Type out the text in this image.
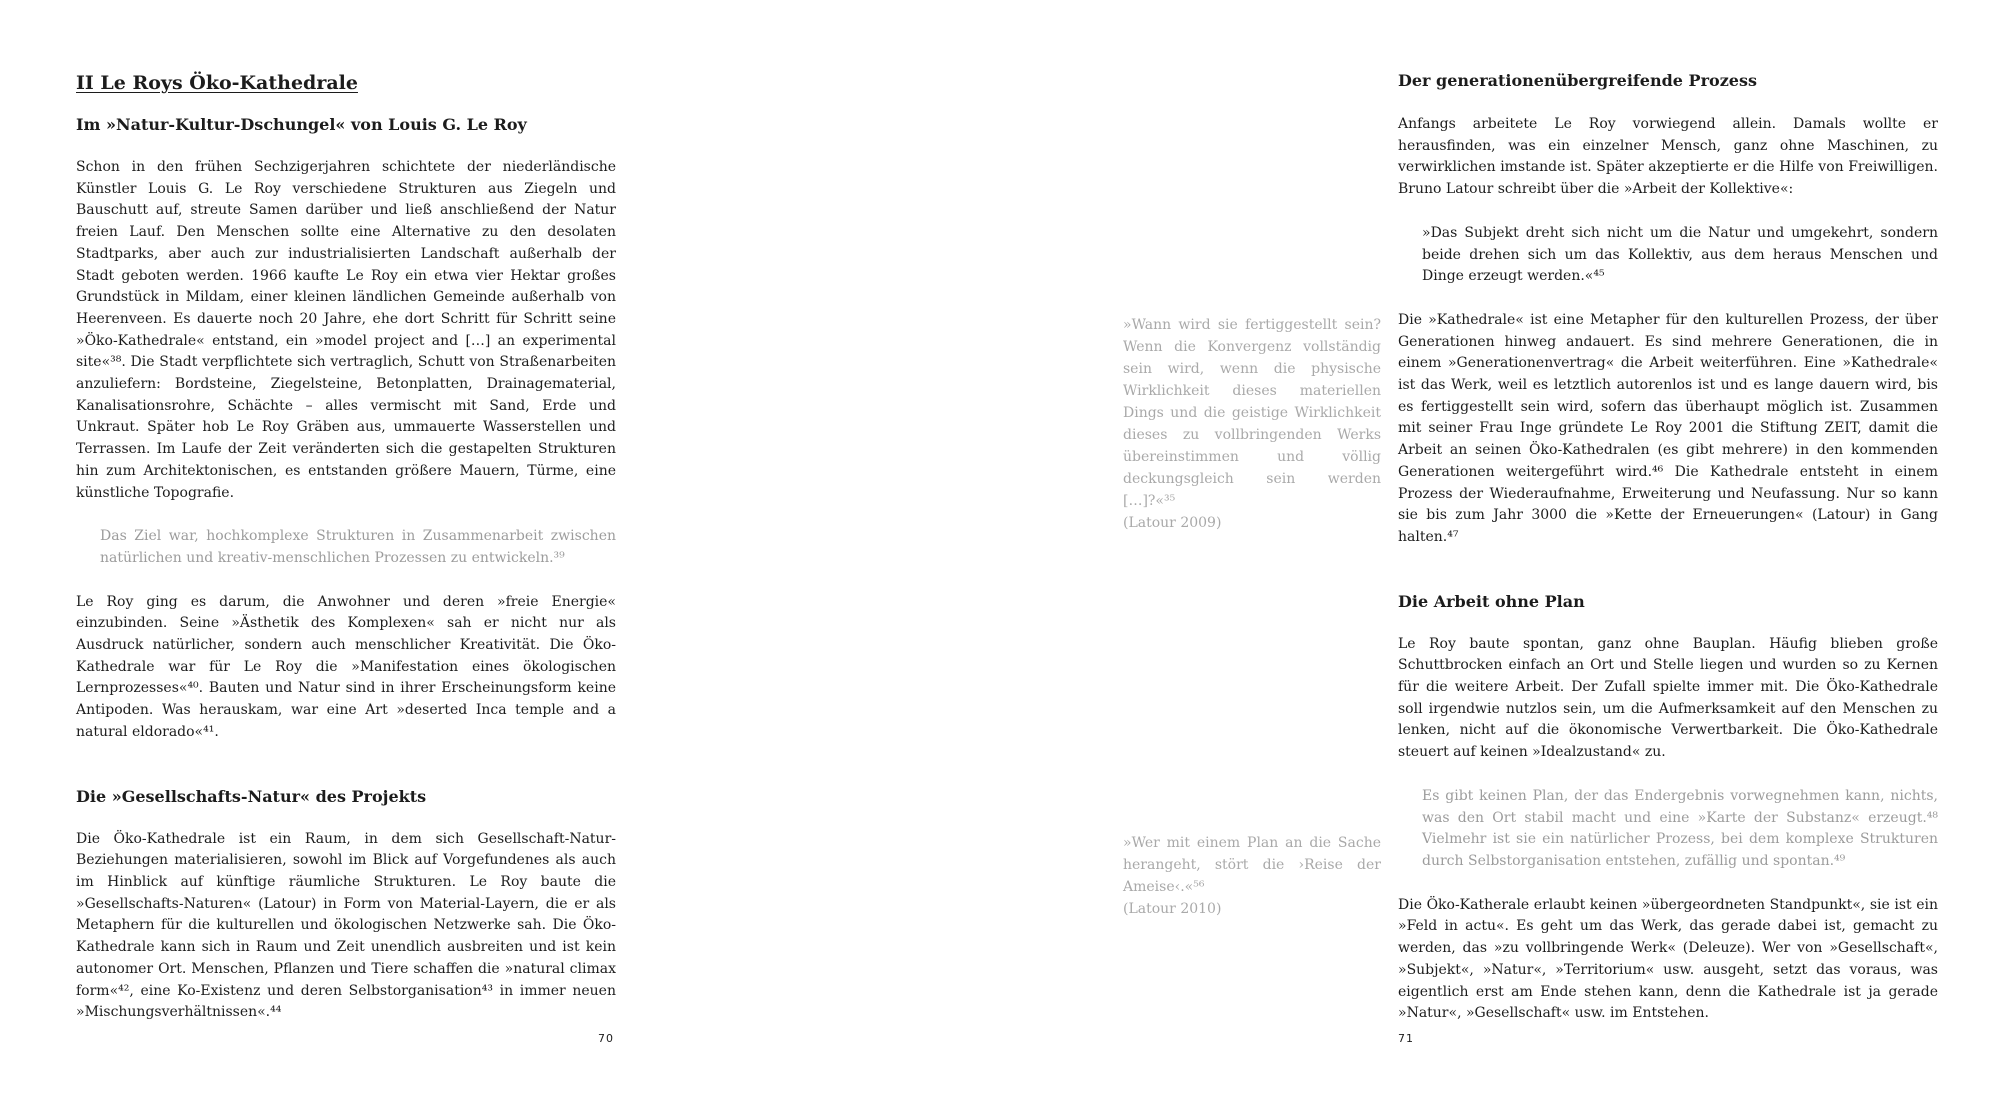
II Le Roys Öko-Kathedrale
Im »Natur-Kultur-Dschungel« von Louis G. Le Roy
Schon in den frühen Sechzigerjahren schichtete der niederländische Künstler Louis G. Le Roy verschiedene Strukturen aus Ziegeln und Bauschutt auf, streute Samen darüber und ließ anschließend der Natur freien Lauf. Den Menschen sollte eine Alternative zu den desolaten Stadtparks, aber auch zur industrialisierten Landschaft außerhalb der Stadt geboten werden. 1966 kaufte Le Roy ein etwa vier Hektar großes Grundstück in Mildam, einer kleinen ländlichen Gemeinde außerhalb von Heerenveen. Es dauerte noch 20 Jahre, ehe dort Schritt für Schritt seine »Öko-Kathedrale« entstand, ein »model project and […] an experimental site«³⁸. Die Stadt verpflichtete sich vertraglich, Schutt von Straßenarbeiten anzuliefern: Bordsteine, Ziegelsteine, Betonplatten, Drainagematerial, Kanalisationsrohre, Schächte – alles vermischt mit Sand, Erde und Unkraut. Später hob Le Roy Gräben aus, ummauerte Wasserstellen und Terrassen. Im Laufe der Zeit veränderten sich die gestapelten Strukturen hin zum Architektonischen, es entstanden größere Mauern, Türme, eine künstliche Topografie.
Das Ziel war, hochkomplexe Strukturen in Zusammenarbeit zwischen natürlichen und kreativ-menschlichen Prozessen zu entwickeln.³⁹
Le Roy ging es darum, die Anwohner und deren »freie Energie« einzubinden. Seine »Ästhetik des Komplexen« sah er nicht nur als Ausdruck natürlicher, sondern auch menschlicher Kreativität. Die Öko-Kathedrale war für Le Roy die »Manifestation eines ökologischen Lernprozesses«⁴⁰. Bauten und Natur sind in ihrer Erscheinungsform keine Antipoden. Was herauskam, war eine Art »deserted Inca temple and a natural eldorado«⁴¹.
Die »Gesellschafts-Natur« des Projekts
Die Öko-Kathedrale ist ein Raum, in dem sich Gesellschaft-Natur-Beziehungen materialisieren, sowohl im Blick auf Vorgefundenes als auch im Hinblick auf künftige räumliche Strukturen. Le Roy baute die »Gesellschafts-Naturen« (Latour) in Form von Material-Layern, die er als Metaphern für die kulturellen und ökologischen Netzwerke sah. Die Öko-Kathedrale kann sich in Raum und Zeit unendlich ausbreiten und ist kein autonomer Ort. Menschen, Pflanzen und Tiere schaffen die »natural climax form«⁴², eine Ko-Existenz und deren Selbstorganisation⁴³ in immer neuen »Mischungsverhältnissen«.⁴⁴
»Wann wird sie fertiggestellt sein? Wenn die Konvergenz vollständig sein wird, wenn die physische Wirklichkeit dieses materiellen Dings und die geistige Wirklichkeit dieses zu vollbringenden Werks übereinstimmen und völlig deckungsgleich sein werden […]?«³⁵
(Latour 2009)
»Wer mit einem Plan an die Sache herangeht, stört die ›Reise der Ameise‹.«⁵⁶
(Latour 2010)
Der generationenübergreifende Prozess
Anfangs arbeitete Le Roy vorwiegend allein. Damals wollte er herausfinden, was ein einzelner Mensch, ganz ohne Maschinen, zu verwirklichen imstande ist. Später akzeptierte er die Hilfe von Freiwilligen. Bruno Latour schreibt über die »Arbeit der Kollektive«:
»Das Subjekt dreht sich nicht um die Natur und umgekehrt, sondern beide drehen sich um das Kollektiv, aus dem heraus Menschen und Dinge erzeugt werden.«⁴⁵
Die »Kathedrale« ist eine Metapher für den kulturellen Prozess, der über Generationen hinweg andauert. Es sind mehrere Generationen, die in einem »Generationenvertrag« die Arbeit weiterführen. Eine »Kathedrale« ist das Werk, weil es letztlich autorenlos ist und es lange dauern wird, bis es fertiggestellt sein wird, sofern das überhaupt möglich ist. Zusammen mit seiner Frau Inge gründete Le Roy 2001 die Stiftung ZEIT, damit die Arbeit an seinen Öko-Kathedralen (es gibt mehrere) in den kommenden Generationen weitergeführt wird.⁴⁶ Die Kathedrale entsteht in einem Prozess der Wiederaufnahme, Erweiterung und Neufassung. Nur so kann sie bis zum Jahr 3000 die »Kette der Erneuerungen« (Latour) in Gang halten.⁴⁷
Die Arbeit ohne Plan
Le Roy baute spontan, ganz ohne Bauplan. Häufig blieben große Schuttbrocken einfach an Ort und Stelle liegen und wurden so zu Kernen für die weitere Arbeit. Der Zufall spielte immer mit. Die Öko-Kathedrale soll irgendwie nutzlos sein, um die Aufmerksamkeit auf den Menschen zu lenken, nicht auf die ökonomische Verwertbarkeit. Die Öko-Kathedrale steuert auf keinen »Idealzustand« zu.
Es gibt keinen Plan, der das Endergebnis vorwegnehmen kann, nichts, was den Ort stabil macht und eine »Karte der Substanz« erzeugt.⁴⁸ Vielmehr ist sie ein natürlicher Prozess, bei dem komplexe Strukturen durch Selbstorganisation entstehen, zufällig und spontan.⁴⁹
Die Öko-Katherale erlaubt keinen »übergeordneten Standpunkt«, sie ist ein »Feld in actu«. Es geht um das Werk, das gerade dabei ist, gemacht zu werden, das »zu vollbringende Werk« (Deleuze). Wer von »Gesellschaft«, »Subjekt«, »Natur«, »Territorium« usw. ausgeht, setzt das voraus, was eigentlich erst am Ende stehen kann, denn die Kathedrale ist ja gerade »Natur«, »Gesellschaft« usw. im Entstehen.
70	71
